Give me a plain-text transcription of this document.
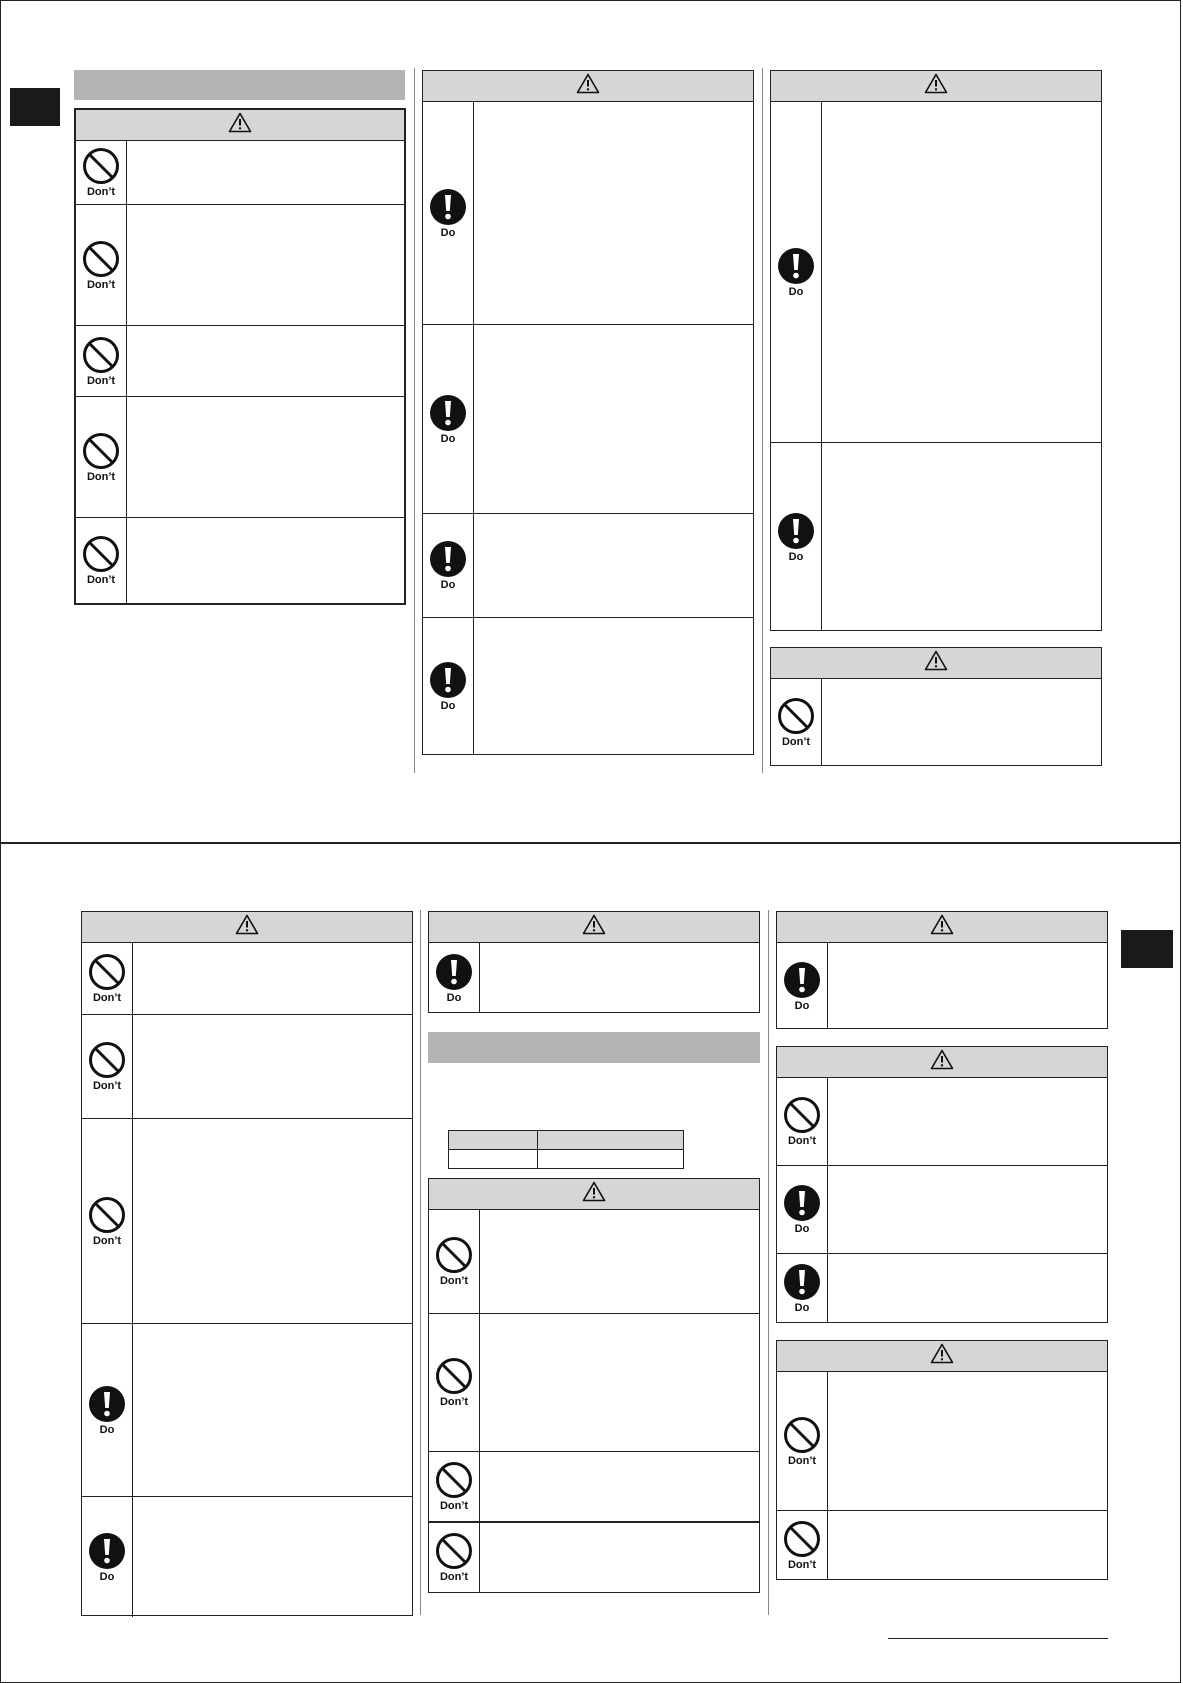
Don’t
Don’t
Don’t
Don’t
Don’t
Do
Do
Do
Do
Do
Do
Don’t
Don’t
Don’t
Don’t
Do
Do
Do

Don’t
Don’t
Don’t
Don’t
Do
Don’t
Do
Do
Don’t
Don’t
